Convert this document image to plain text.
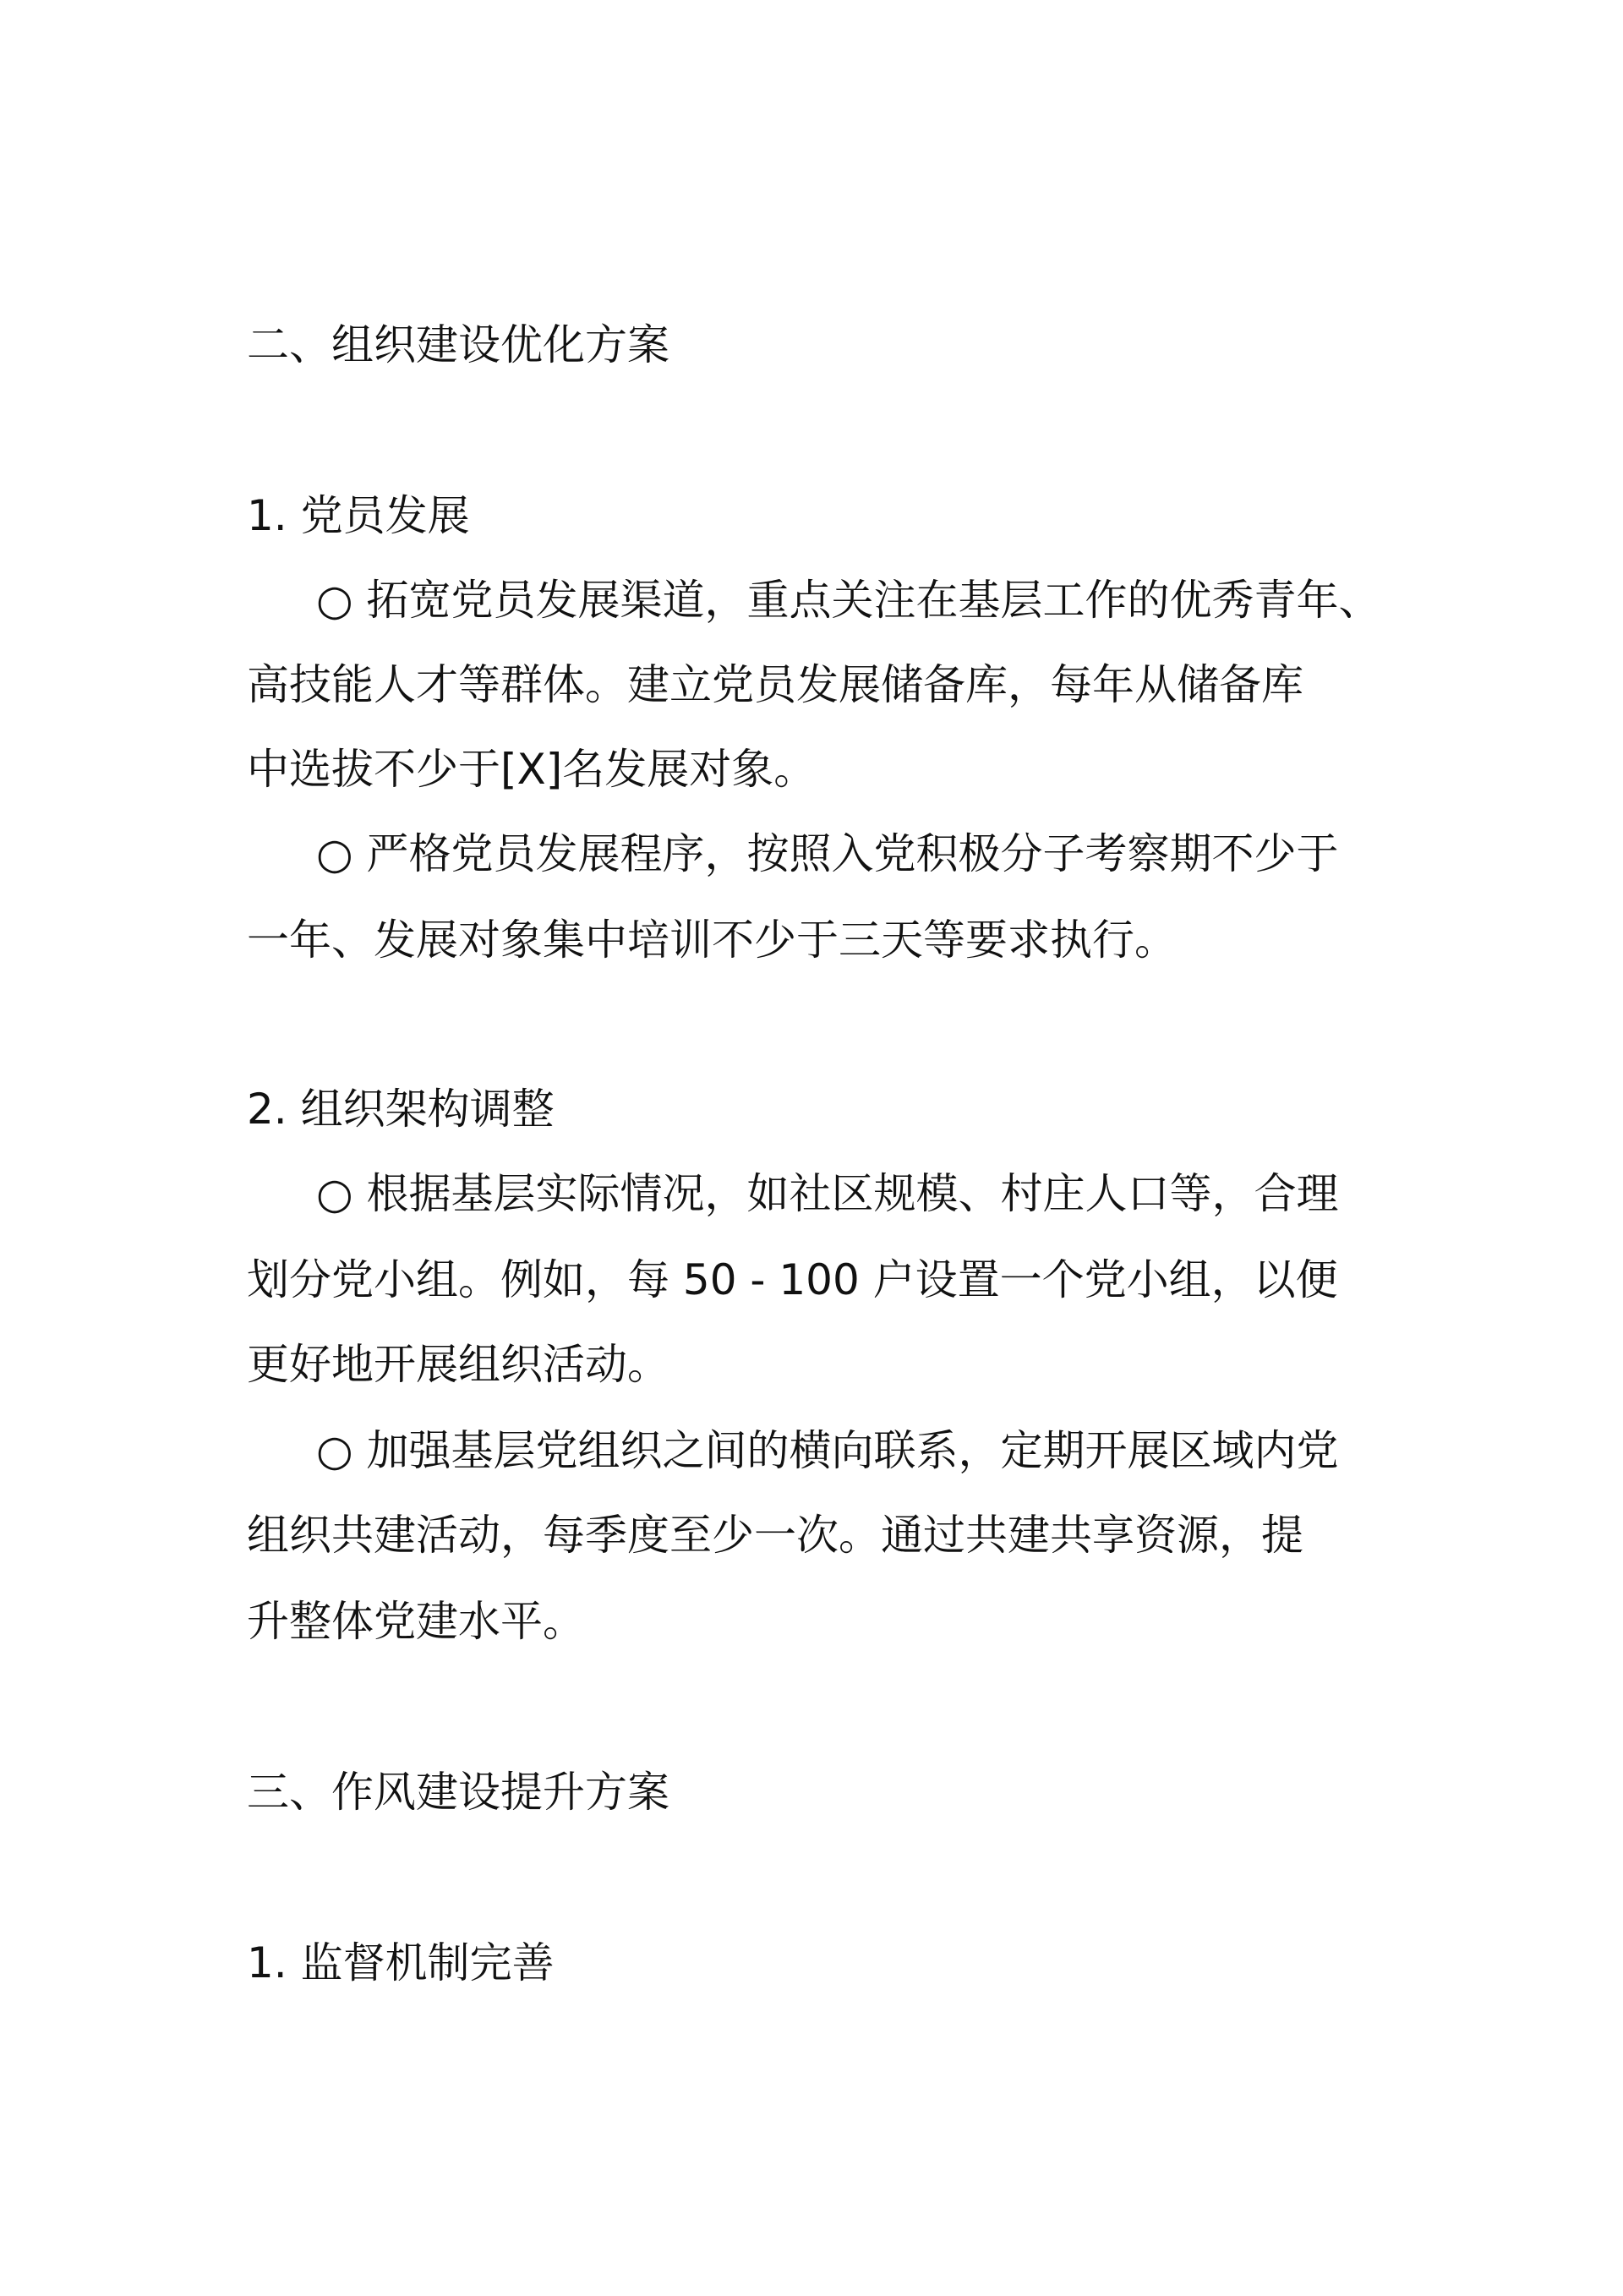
二、组织建设优化方案
1. 党员发展
○ 拓宽党员发展渠道，重点关注在基层工作的优秀青年、
高技能人才等群体。建立党员发展储备库，每年从储备库
中选拔不少于[X]名发展对象。
○ 严格党员发展程序，按照入党积极分子考察期不少于
一年、发展对象集中培训不少于三天等要求执行。
2. 组织架构调整
○ 根据基层实际情况，如社区规模、村庄人口等，合理
划分党小组。例如，每 50 - 100 户设置一个党小组，以便
更好地开展组织活动。
○ 加强基层党组织之间的横向联系，定期开展区域内党
组织共建活动，每季度至少一次。通过共建共享资源，提
升整体党建水平。
三、作风建设提升方案
1. 监督机制完善
